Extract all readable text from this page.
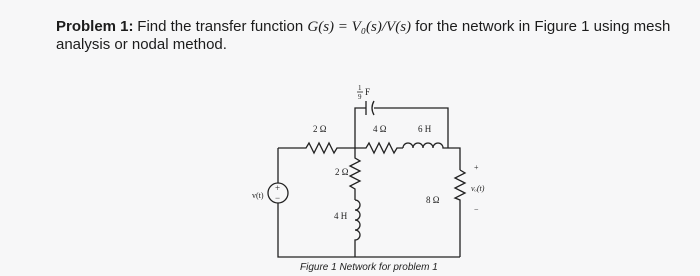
Problem 1: Find the transfer function G(s) = V₀(s)/V(s) for the network in Figure 1 using mesh analysis or nodal method.
+
−
v(t)
2 Ω	4 Ω	6 H
1
9 F
2 Ω
4 H
8 Ω
+
vₒ(t)
−
Figure 1 Network for problem 1
